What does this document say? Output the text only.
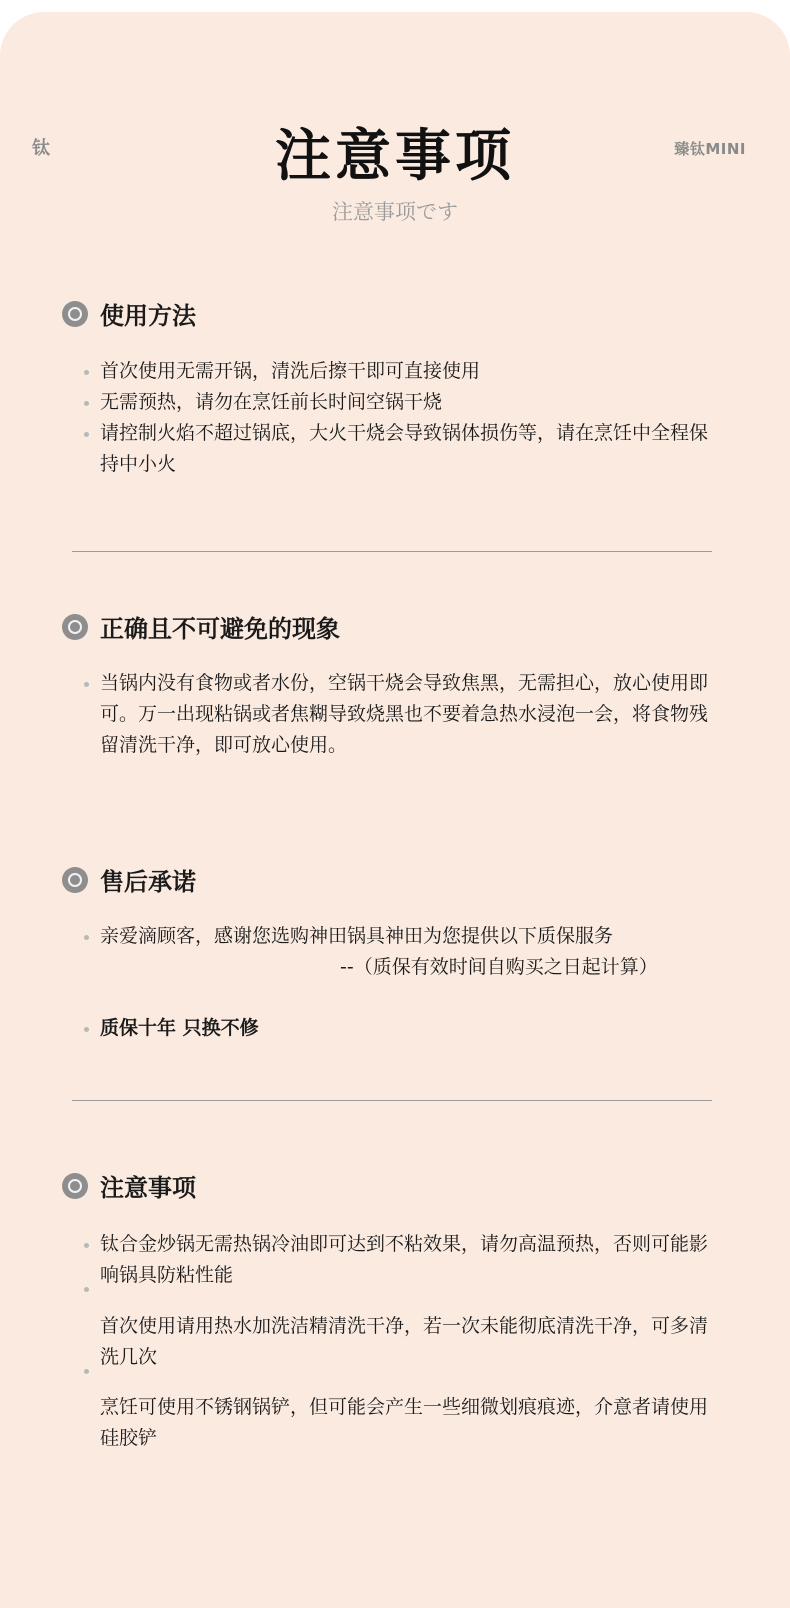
钛	臻钛MINI
注意事项
注意事项です
使用方法
首次使用无需开锅，清洗后擦干即可直接使用
无需预热，请勿在烹饪前长时间空锅干烧
请控制火焰不超过锅底，大火干烧会导致锅体损伤等，请在烹饪中全程保持中小火
正确且不可避免的现象
当锅内没有食物或者水份，空锅干烧会导致焦黑，无需担心，放心使用即可。万一出现粘锅或者焦糊导致烧黑也不要着急热水浸泡一会，将食物残留清洗干净，即可放心使用。
售后承诺
亲爱滴顾客，感谢您选购神田锅具神田为您提供以下质保服务
--（质保有效时间自购买之日起计算）
质保十年 只换不修
注意事项
钛合金炒锅无需热锅冷油即可达到不粘效果，请勿高温预热，否则可能影响锅具防粘性能
首次使用请用热水加洗洁精清洗干净，若一次未能彻底清洗干净，可多清洗几次
烹饪可使用不锈钢锅铲，但可能会产生一些细微划痕痕迹，介意者请使用硅胶铲
